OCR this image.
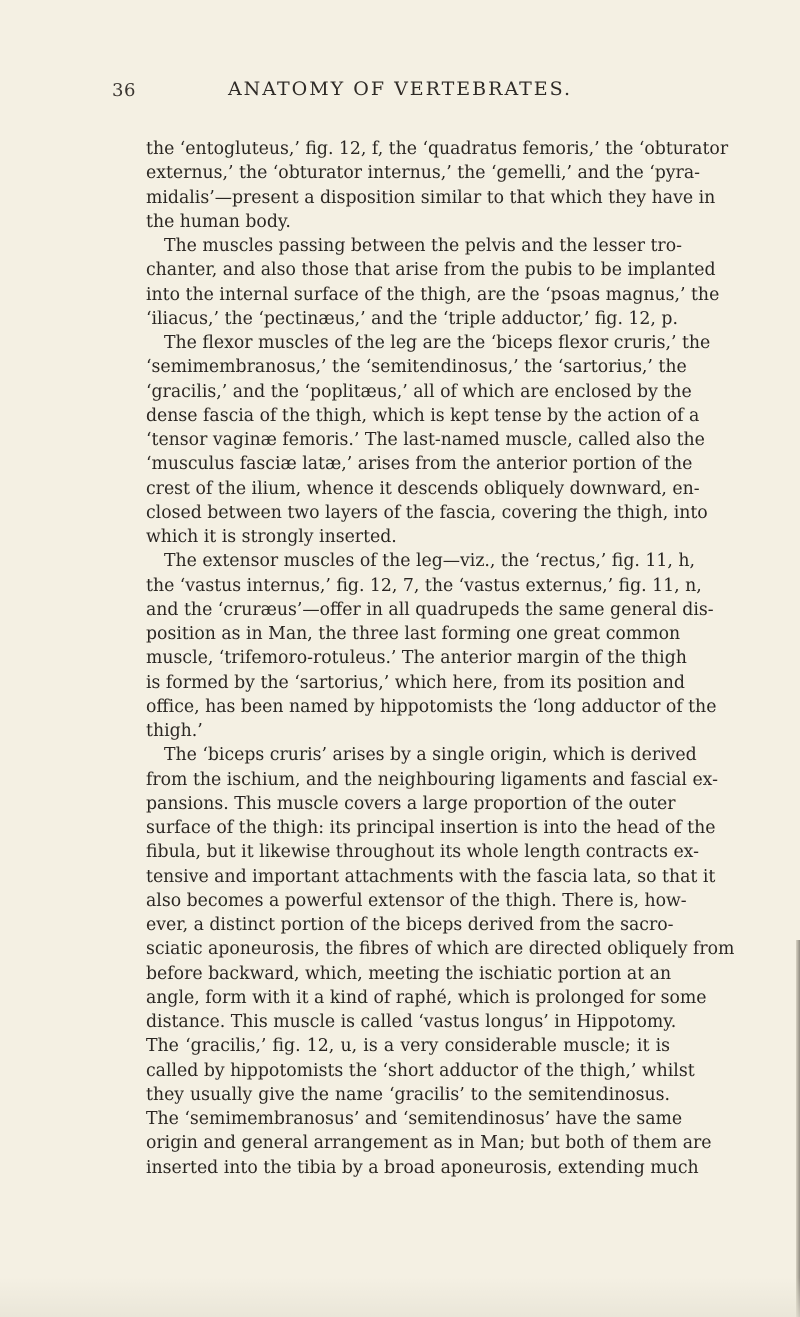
36	ANATOMY OF VERTEBRATES.
the ‘entogluteus,’ fig. 12, f, the ‘quadratus femoris,’ the ‘obturator
externus,’ the ‘obturator internus,’ the ‘gemelli,’ and the ‘pyra-
midalis’—present a disposition similar to that which they have in
the human body.
The muscles passing between the pelvis and the lesser tro-
chanter, and also those that arise from the pubis to be implanted
into the internal surface of the thigh, are the ‘psoas magnus,’ the
‘iliacus,’ the ‘pectinæus,’ and the ‘triple adductor,’ fig. 12, p.
The flexor muscles of the leg are the ‘biceps flexor cruris,’ the
‘semimembranosus,’ the ‘semitendinosus,’ the ‘sartorius,’ the
‘gracilis,’ and the ‘poplitæus,’ all of which are enclosed by the
dense fascia of the thigh, which is kept tense by the action of a
‘tensor vaginæ femoris.’ The last-named muscle, called also the
‘musculus fasciæ latæ,’ arises from the anterior portion of the
crest of the ilium, whence it descends obliquely downward, en-
closed between two layers of the fascia, covering the thigh, into
which it is strongly inserted.
The extensor muscles of the leg—viz., the ‘rectus,’ fig. 11, h,
the ‘vastus internus,’ fig. 12, 7, the ‘vastus externus,’ fig. 11, n,
and the ‘cruræus’—offer in all quadrupeds the same general dis-
position as in Man, the three last forming one great common
muscle, ‘trifemoro-rotuleus.’ The anterior margin of the thigh
is formed by the ‘sartorius,’ which here, from its position and
office, has been named by hippotomists the ‘long adductor of the
thigh.’
The ‘biceps cruris’ arises by a single origin, which is derived
from the ischium, and the neighbouring ligaments and fascial ex-
pansions. This muscle covers a large proportion of the outer
surface of the thigh: its principal insertion is into the head of the
fibula, but it likewise throughout its whole length contracts ex-
tensive and important attachments with the fascia lata, so that it
also becomes a powerful extensor of the thigh. There is, how-
ever, a distinct portion of the biceps derived from the sacro-
sciatic aponeurosis, the fibres of which are directed obliquely from
before backward, which, meeting the ischiatic portion at an
angle, form with it a kind of raphé, which is prolonged for some
distance. This muscle is called ‘vastus longus’ in Hippotomy.
The ‘gracilis,’ fig. 12, u, is a very considerable muscle; it is
called by hippotomists the ‘short adductor of the thigh,’ whilst
they usually give the name ‘gracilis’ to the semitendinosus.
The ‘semimembranosus’ and ‘semitendinosus’ have the same
origin and general arrangement as in Man; but both of them are
inserted into the tibia by a broad aponeurosis, extending much
